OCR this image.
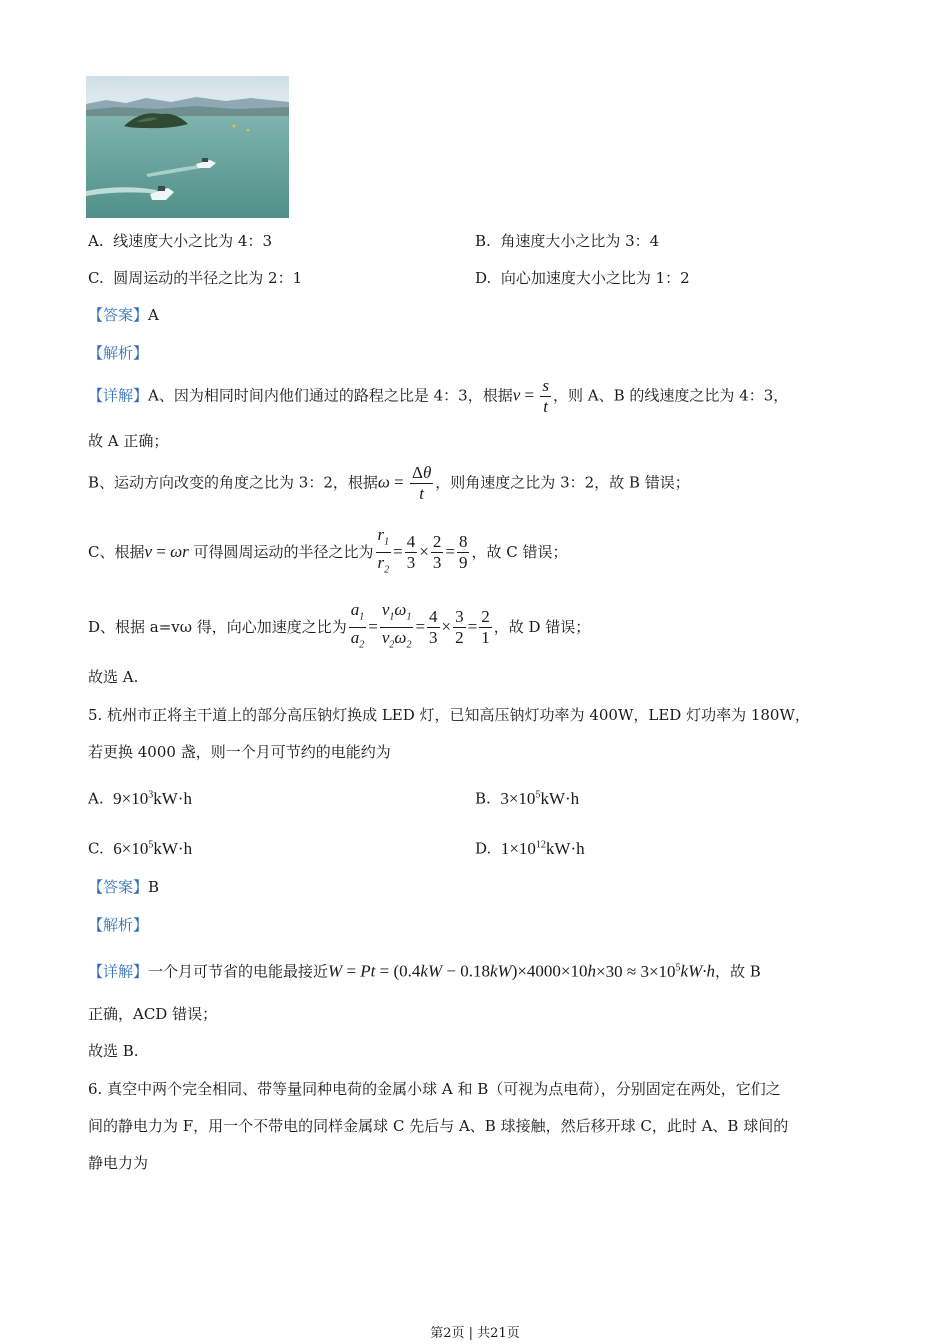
A. 线速度大小之比为 4：3	B. 角速度大小之比为 3：4
C. 圆周运动的半径之比为 2：1	D. 向心加速度大小之比为 1：2
【答案】A
【解析】
【详解】A、因为相同时间内他们通过的路程之比是 4：3，根据$v = \frac{s}{t}$ ，则 A、B 的线速度之比为 4：3，
故 A 正确；
B、运动方向改变的角度之比为 3：2，根据$\omega = \frac{\Delta\theta}{t}$ ，则角速度之比为 3：2，故 B 错误；
C、根据v = ωr 可得圆周运动的半径之比为 $\frac{r_1}{r_2} = \frac{4}{3} \times \frac{2}{3} = \frac{8}{9}$ ，故 C 错误；
D、根据 a=vω 得，向心加速度之比为 $\frac{a_1}{a_2} = \frac{v_1\omega_1}{v_2\omega_2} = \frac{4}{3} \times \frac{3}{2} = \frac{2}{1}$ ，故 D 错误；
故选 A.
5. 杭州市正将主干道上的部分高压钠灯换成 LED 灯，已知高压钠灯功率为 400W，LED 灯功率为 180W，
若更换 4000 盏，则一个月可节约的电能约为
A. $9\times 10^3kW\cdot h$	B. $3\times 10^5kW\cdot h$
C. $6\times 10^5kW\cdot h$	D. $1\times 10^{12}kW\cdot h$
【答案】B
【解析】
【详解】一个月可节省的电能最接近$W = Pt = (0.4kW - 0.18kW)\times 4000\times 10h\times 30 \approx 3\times 10^5kW\cdot h$，故 B
正确，ACD 错误；
故选 B.
6. 真空中两个完全相同、带等量同种电荷的金属小球 A 和 B（可视为点电荷），分别固定在两处，它们之
间的静电力为 F，用一个不带电的同样金属球 C 先后与 A、B 球接触，然后移开球 C，此时 A、B 球间的
静电力为
第2页 | 共21页
